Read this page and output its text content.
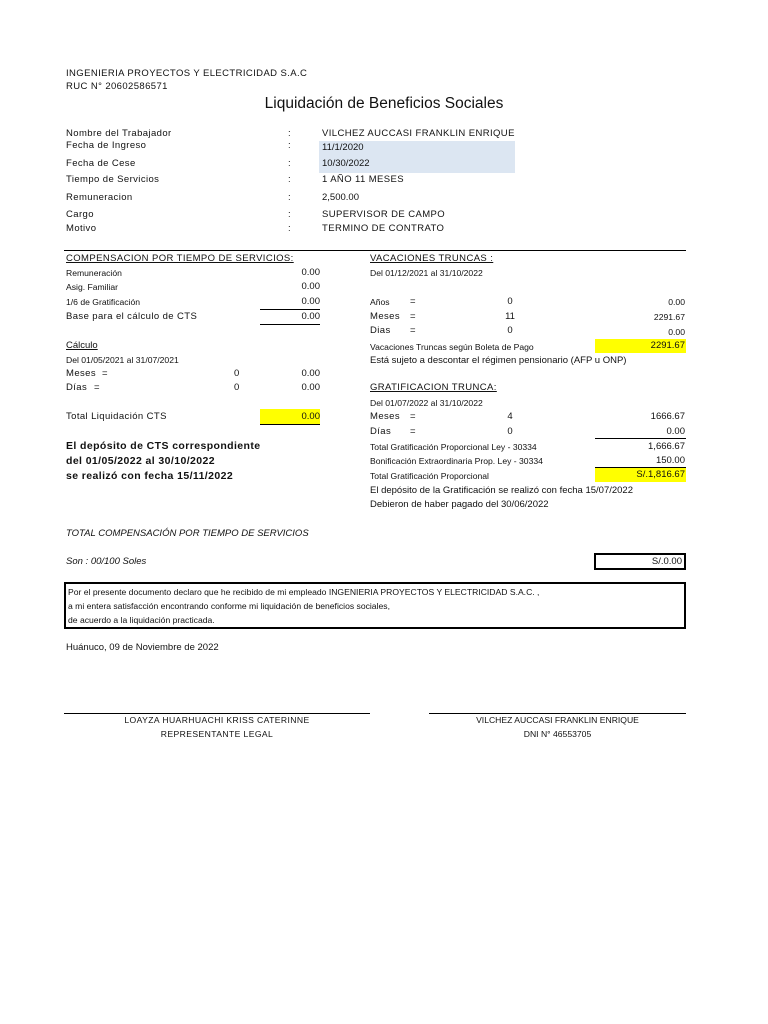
INGENIERIA PROYECTOS Y ELECTRICIDAD S.A.C
RUC N° 20602586571
Liquidación de Beneficios Sociales
Nombre del Trabajador	:	VILCHEZ AUCCASI FRANKLIN ENRIQUE
Fecha de Ingreso	:	11/1/2020
Fecha de Cese	:	10/30/2022
Tiempo de Servicios	:	1 AÑO 11 MESES
Remuneracion	:	2,500.00
Cargo	:	SUPERVISOR DE CAMPO
Motivo	:	TERMINO DE CONTRATO
COMPENSACION POR TIEMPO DE SERVICIOS:
Remuneración	0.00
Asig. Familiar	0.00
1/6 de Gratificación	0.00
Base para el cálculo de CTS	0.00
Cálculo
Del 01/05/2021 al 31/07/2021
Meses =	0	0.00
Días =	0	0.00
Total Liquidación CTS	0.00
El depósito de CTS correspondiente
del 01/05/2022 al 30/10/2022
se realizó con fecha 15/11/2022
VACACIONES TRUNCAS :
Del 01/12/2021 al 31/10/2022
Años =	0	0.00
Meses =	11	2291.67
Dias =	0	0.00
Vacaciones Truncas según Boleta de Pago	2291.67
Está sujeto a descontar el régimen pensionario (AFP u ONP)
GRATIFICACION TRUNCA:
Del 01/07/2022 al 31/10/2022
Meses =	4	1666.67
Días =	0	0.00
Total Gratificación Proporcional Ley - 30334	1,666.67
Bonificación Extraordinaria Prop. Ley - 30334	150.00
Total Gratificación Proporcional	S/.1,816.67
El depósito de la Gratificación se realizó con fecha 15/07/2022
Debieron de haber pagado del 30/06/2022
TOTAL COMPENSACIÓN POR TIEMPO DE SERVICIOS
Son : 00/100 Soles	S/.0.00
Por el presente documento declaro que he recibido de mi empleado INGENIERIA PROYECTOS Y ELECTRICIDAD S.A.C. ,
a mi entera satisfacción encontrando conforme mi liquidación de beneficios sociales,
de acuerdo a la liquidación practicada.
Huánuco, 09 de Noviembre de 2022
LOAYZA HUARHUACHI KRISS CATERINNE
REPRESENTANTE LEGAL
VILCHEZ AUCCASI FRANKLIN ENRIQUE
DNI N° 46553705
